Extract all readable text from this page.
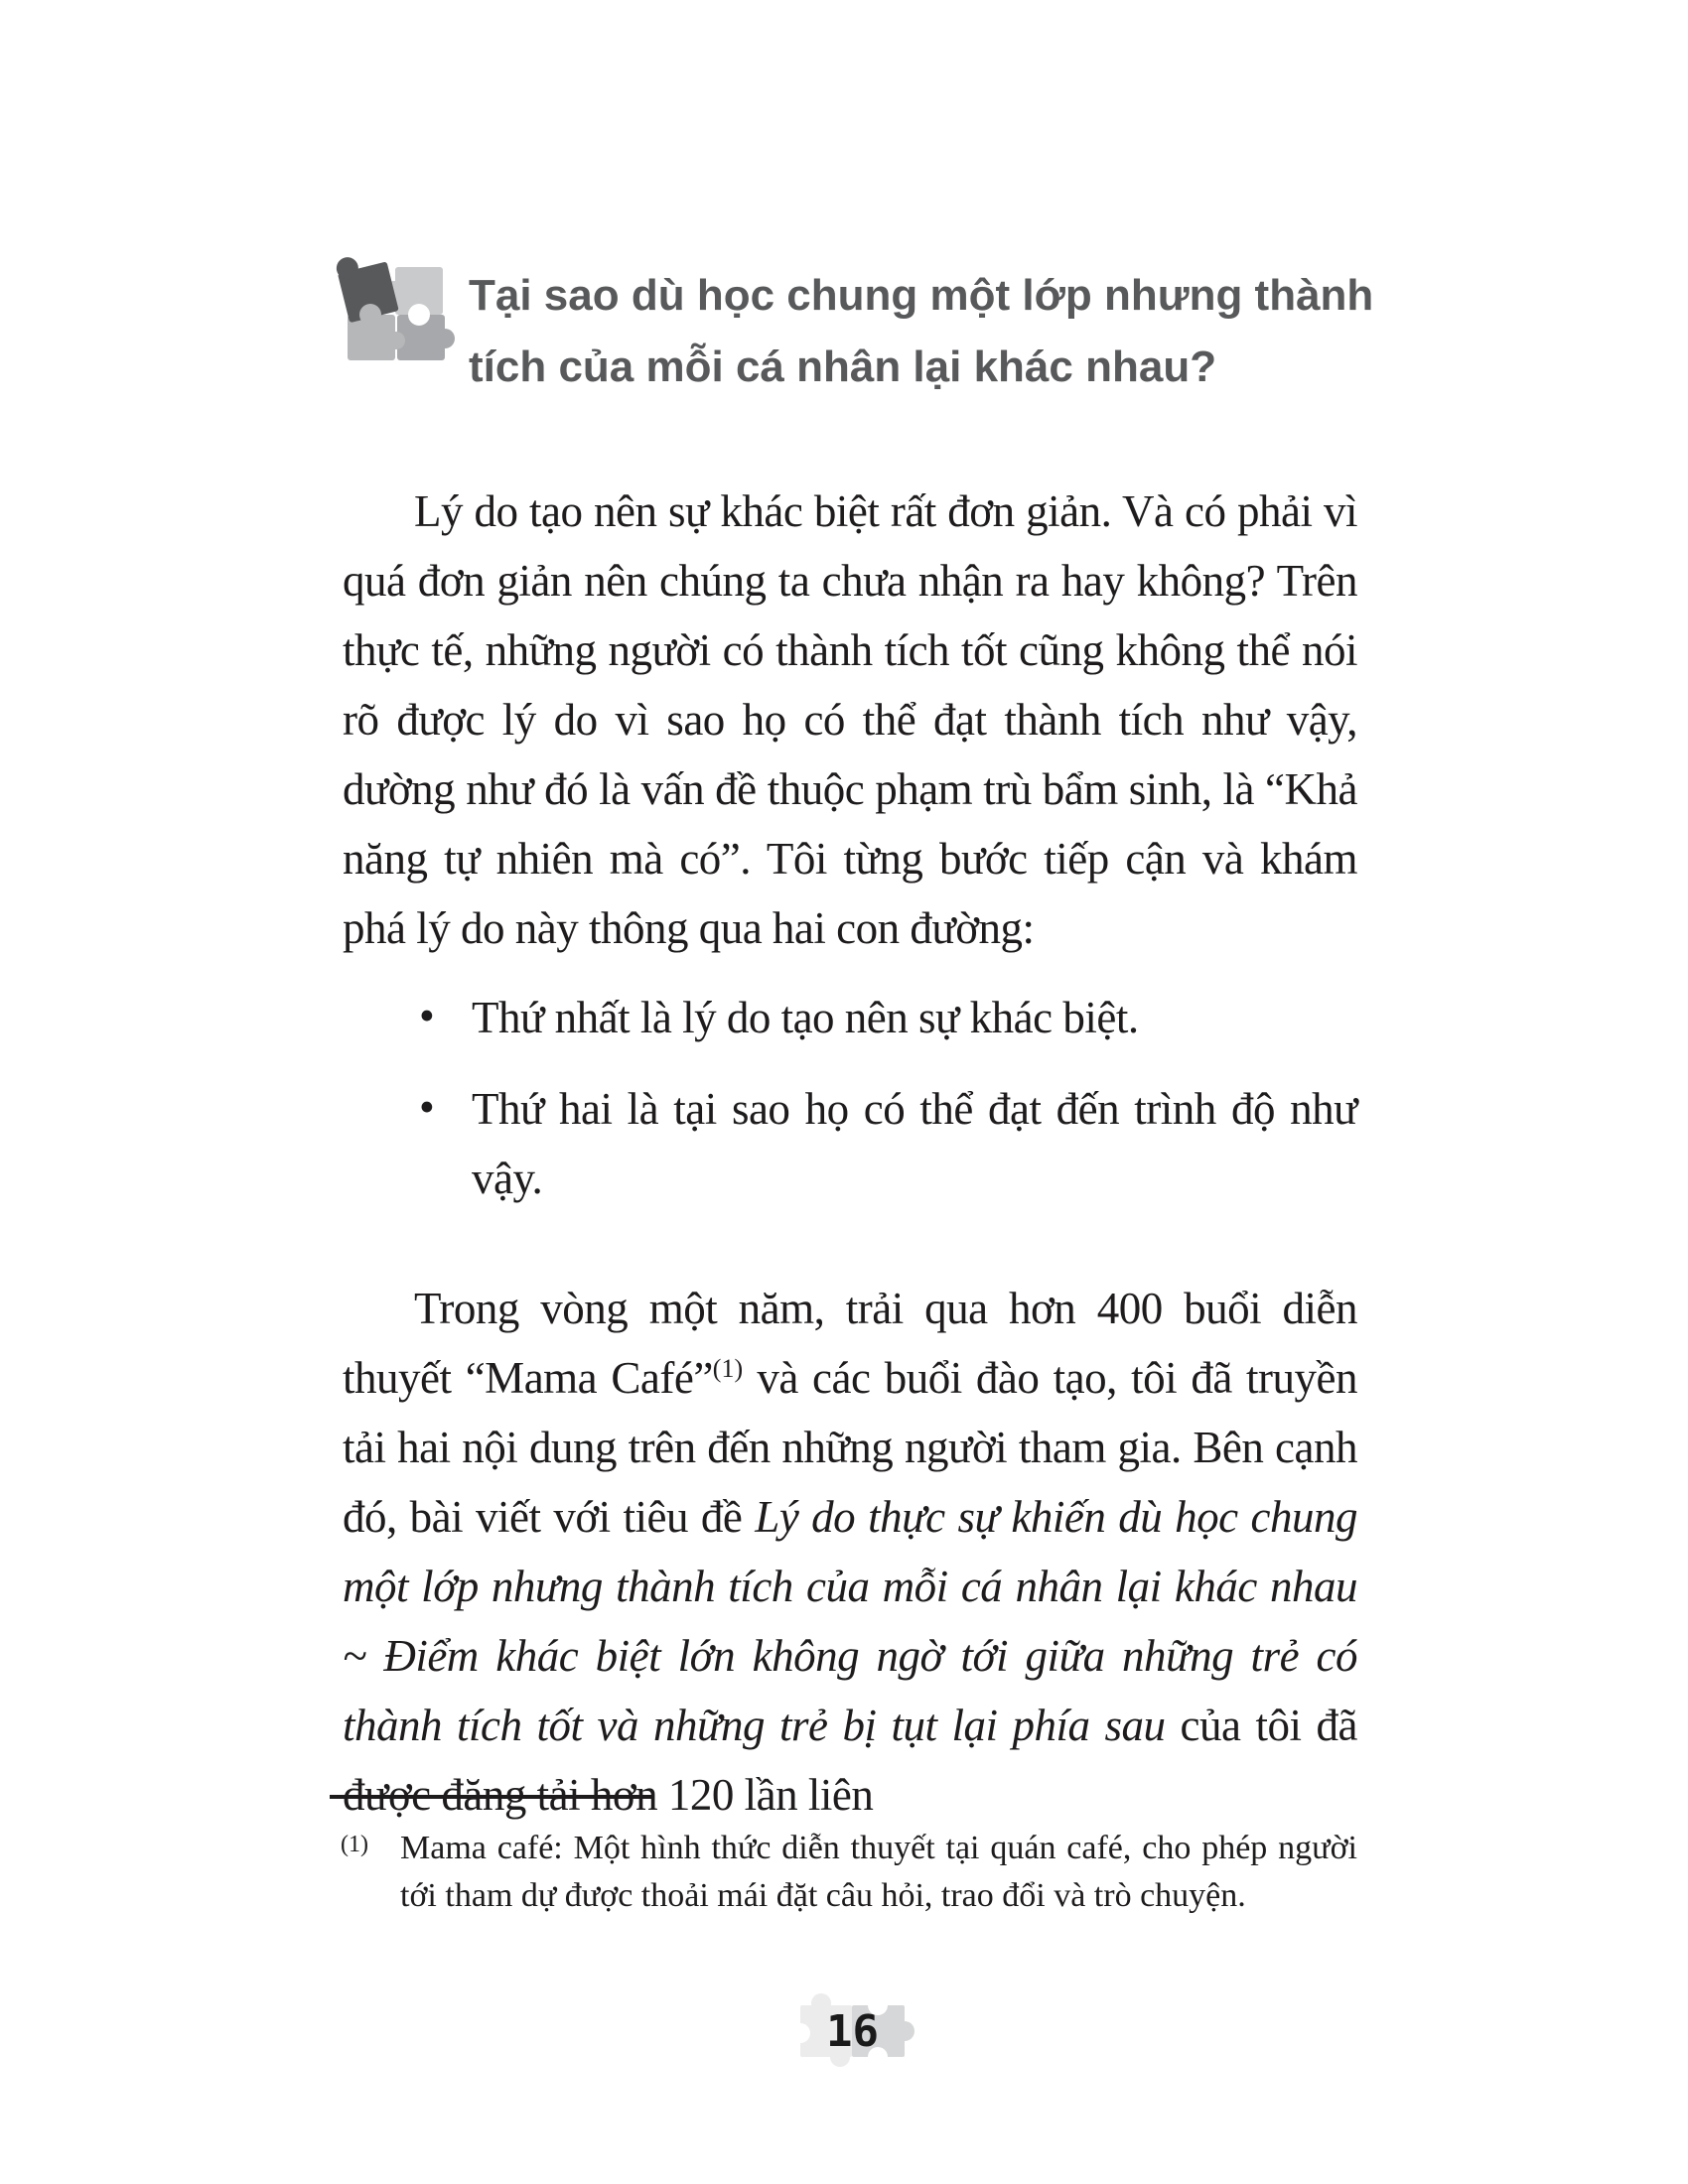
Tại sao dù học chung một lớp nhưng thành
tích của mỗi cá nhân lại khác nhau?

Lý do tạo nên sự khác biệt rất đơn giản. Và có phải vì quá đơn giản nên chúng ta chưa nhận ra hay không? Trên thực tế, những người có thành tích tốt cũng không thể nói rõ được lý do vì sao họ có thể đạt thành tích như vậy, dường như đó là vấn đề thuộc phạm trù bẩm sinh, là “Khả năng tự nhiên mà có”. Tôi từng bước tiếp cận và khám phá lý do này thông qua hai con đường:

• Thứ nhất là lý do tạo nên sự khác biệt.
• Thứ hai là tại sao họ có thể đạt đến trình độ như vậy.

Trong vòng một năm, trải qua hơn 400 buổi diễn thuyết “Mama Café”$^{(1)}$ và các buổi đào tạo, tôi đã truyền tải hai nội dung trên đến những người tham gia. Bên cạnh đó, bài viết với tiêu đề Lý do thực sự khiến dù học chung một lớp nhưng thành tích của mỗi cá nhân lại khác nhau ~ Điểm khác biệt lớn không ngờ tới giữa những trẻ có thành tích tốt và những trẻ bị tụt lại phía sau của tôi đã được đăng tải hơn 120 lần liên

(1) Mama café: Một hình thức diễn thuyết tại quán café, cho phép người tới tham dự được thoải mái đặt câu hỏi, trao đổi và trò chuyện.
16
